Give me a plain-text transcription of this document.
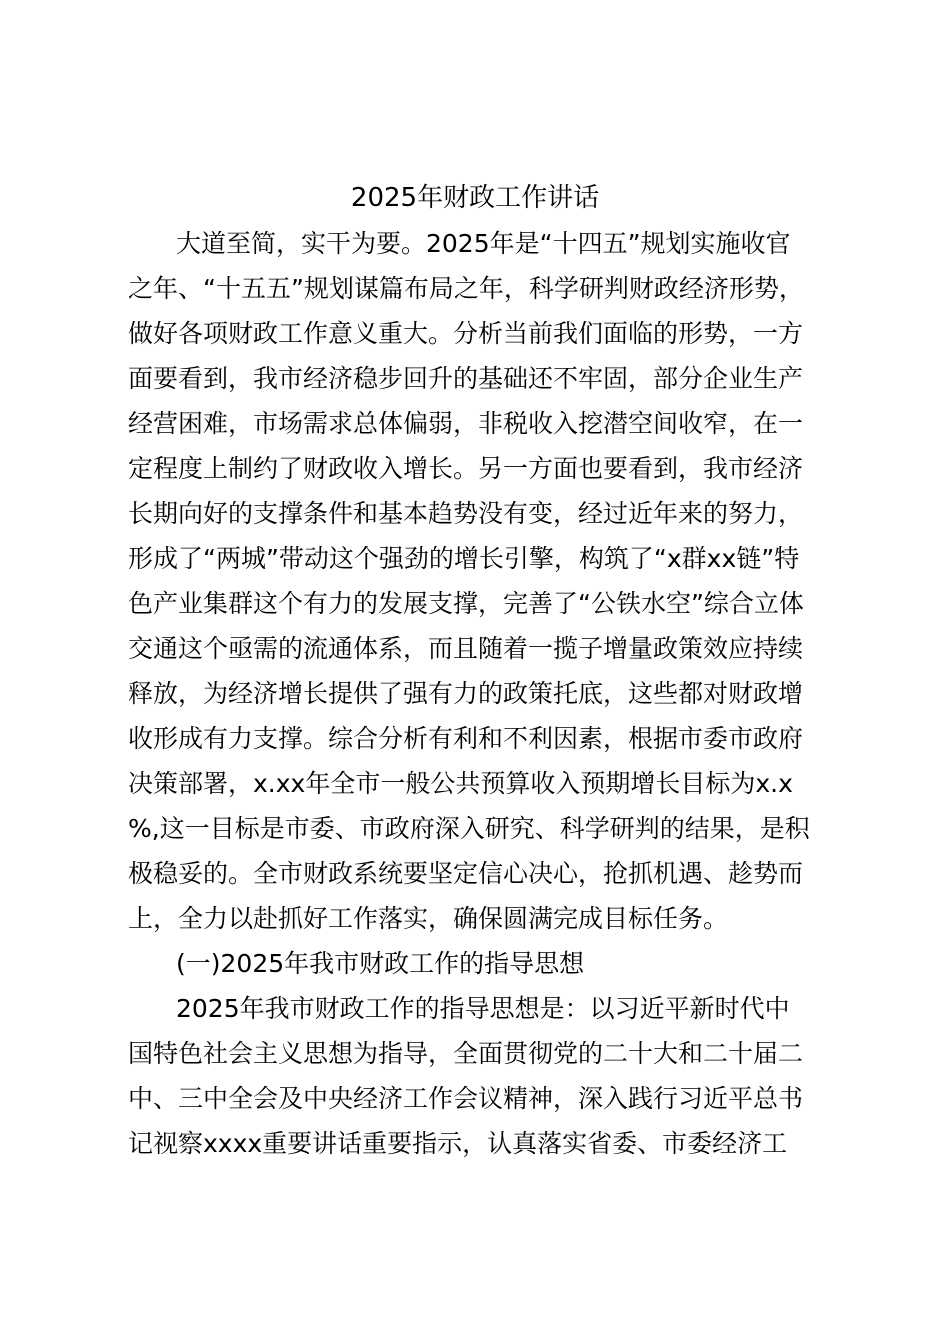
2025年财政工作讲话
大道至简，实干为要。2025年是“十四五”规划实施收官
之年、“十五五”规划谋篇布局之年，科学研判财政经济形势，
做好各项财政工作意义重大。分析当前我们面临的形势，一方
面要看到，我市经济稳步回升的基础还不牢固，部分企业生产
经营困难，市场需求总体偏弱，非税收入挖潜空间收窄，在一
定程度上制约了财政收入增长。另一方面也要看到，我市经济
长期向好的支撑条件和基本趋势没有变，经过近年来的努力，
形成了“两城”带动这个强劲的增长引擎，构筑了“x群xx链”特
色产业集群这个有力的发展支撑，完善了“公铁水空”综合立体
交通这个亟需的流通体系，而且随着一揽子增量政策效应持续
释放，为经济增长提供了强有力的政策托底，这些都对财政增
收形成有力支撑。综合分析有利和不利因素，根据市委市政府
决策部署，x.xx年全市一般公共预算收入预期增长目标为x.x
%,这一目标是市委、市政府深入研究、科学研判的结果，是积
极稳妥的。全市财政系统要坚定信心决心，抢抓机遇、趁势而
上，全力以赴抓好工作落实，确保圆满完成目标任务。
(一)2025年我市财政工作的指导思想
2025年我市财政工作的指导思想是：以习近平新时代中
国特色社会主义思想为指导，全面贯彻党的二十大和二十届二
中、三中全会及中央经济工作会议精神，深入践行习近平总书
记视察xxxx重要讲话重要指示，认真落实省委、市委经济工
